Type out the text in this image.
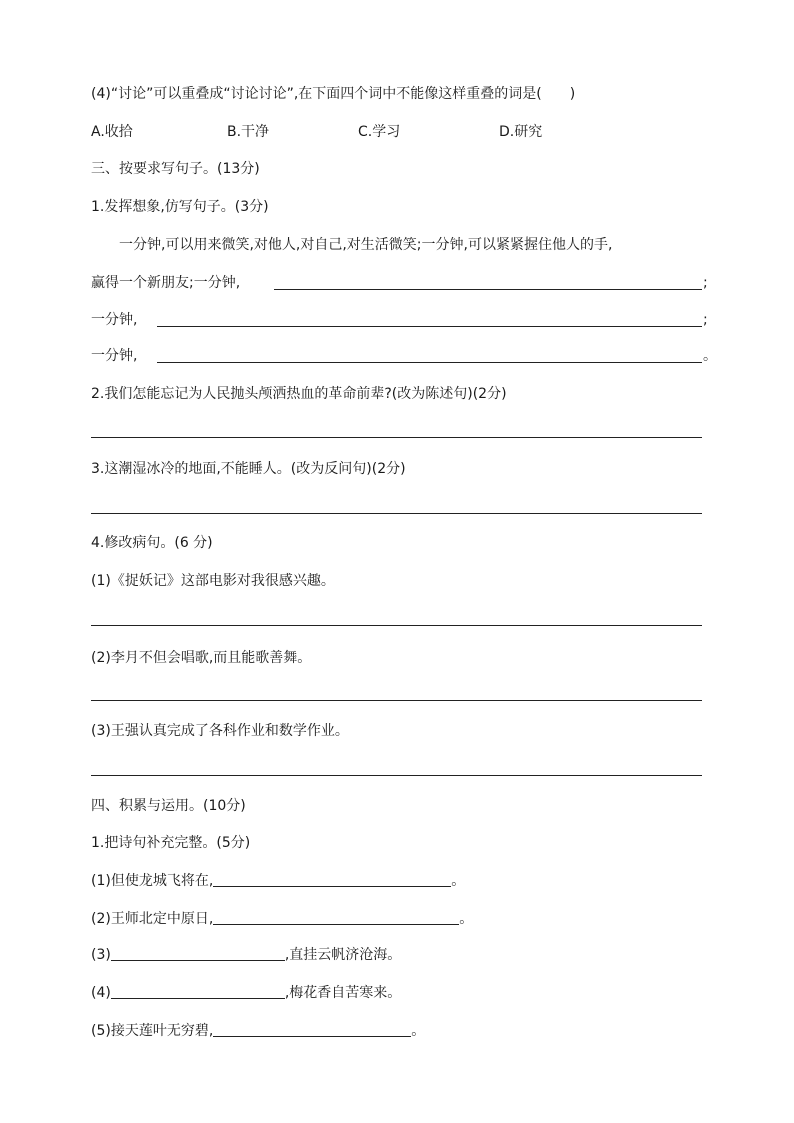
(4)“讨论”可以重叠成“讨论讨论”,在下面四个词中不能像这样重叠的词是(　　)
A.收拾	B.干净	C.学习	D.研究
三、按要求写句子。(13分)
1.发挥想象,仿写句子。(3分)
一分钟,可以用来微笑,对他人,对自己,对生活微笑;一分钟,可以紧紧握住他人的手,
赢得一个新朋友;一分钟,	;
一分钟,	;
一分钟,	。
2.我们怎能忘记为人民抛头颅洒热血的革命前辈?(改为陈述句)(2分)
3.这潮湿冰冷的地面,不能睡人。(改为反问句)(2分)
4.修改病句。(6 分)
(1)《捉妖记》这部电影对我很感兴趣。
(2)李月不但会唱歌,而且能歌善舞。
(3)王强认真完成了各科作业和数学作业。
四、积累与运用。(10分)
1.把诗句补充完整。(5分)
(1)但使龙城飞将在,	。
(2)王师北定中原日,	。
(3)	,直挂云帆济沧海。
(4)	,梅花香自苦寒来。
(5)接天莲叶无穷碧,	。
